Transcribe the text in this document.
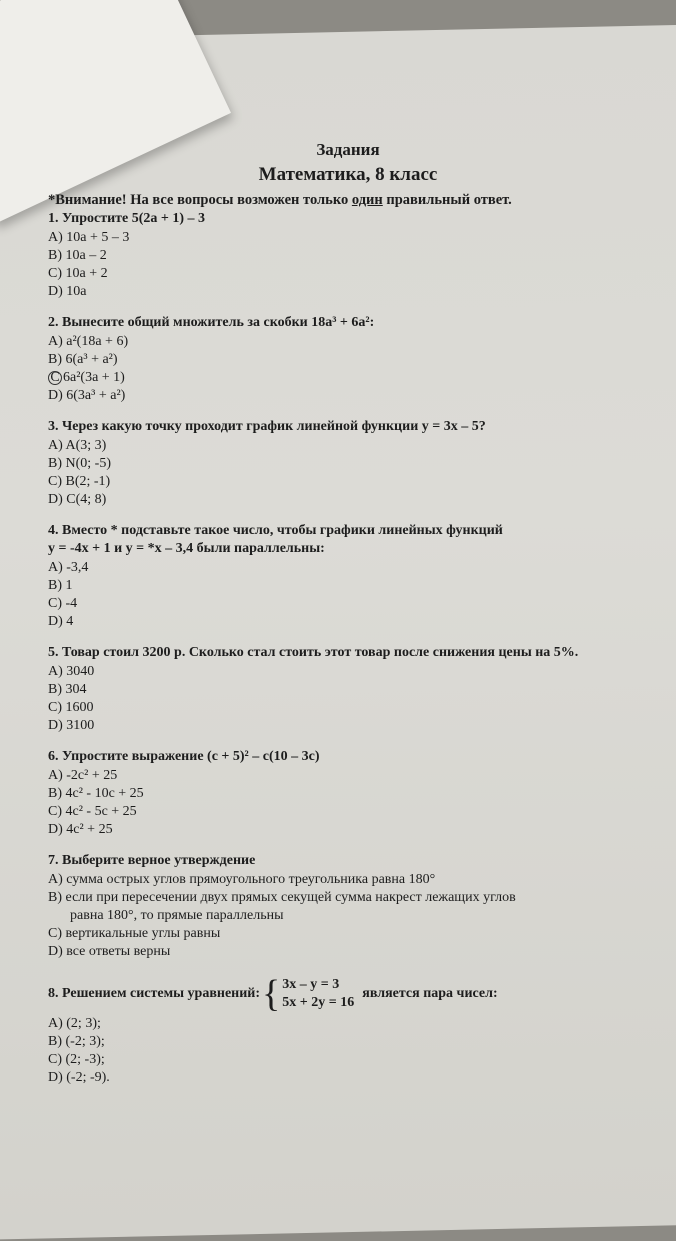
Задания
Математика, 8 класс
*Внимание! На все вопросы возможен только один правильный ответ.
1. Упростите 5(2a + 1) – 3
A) 10a + 5 – 3
B) 10a – 2
C) 10a + 2
D) 10a
2. Вынесите общий множитель за скобки 18a³ + 6a²:
A) a²(18a + 6)
B) 6(a³ + a²)
C 6a²(3a + 1)
D) 6(3a³ + a²)
3. Через какую точку проходит график линейной функции y = 3x – 5?
A) A(3; 3)
B) N(0; -5)
C) B(2; -1)
D) C(4; 8)
4. Вместо * подставьте такое число, чтобы графики линейных функций
y = -4x + 1 и y = *x – 3,4 были параллельны:
A) -3,4
B) 1
C) -4
D) 4
5. Товар стоил 3200 р. Сколько стал стоить этот товар после снижения цены на 5%.
A) 3040
B) 304
C) 1600
D) 3100
6. Упростите выражение (c + 5)² – c(10 – 3c)
A) -2c² + 25
B) 4c² - 10c + 25
C) 4c² - 5c + 25
D) 4c² + 25
7. Выберите верное утверждение
A) сумма острых углов прямоугольного треугольника равна 180°
B) если при пересечении двух прямых секущей сумма накрест лежащих углов
равна 180°, то прямые параллельны
C) вертикальные углы равны
D) все ответы верны
8. Решением системы уравнений: { 3x – y = 3
5x + 2y = 16
является пара чисел:
A) (2; 3);
B) (-2; 3);
C) (2; -3);
D) (-2; -9).
